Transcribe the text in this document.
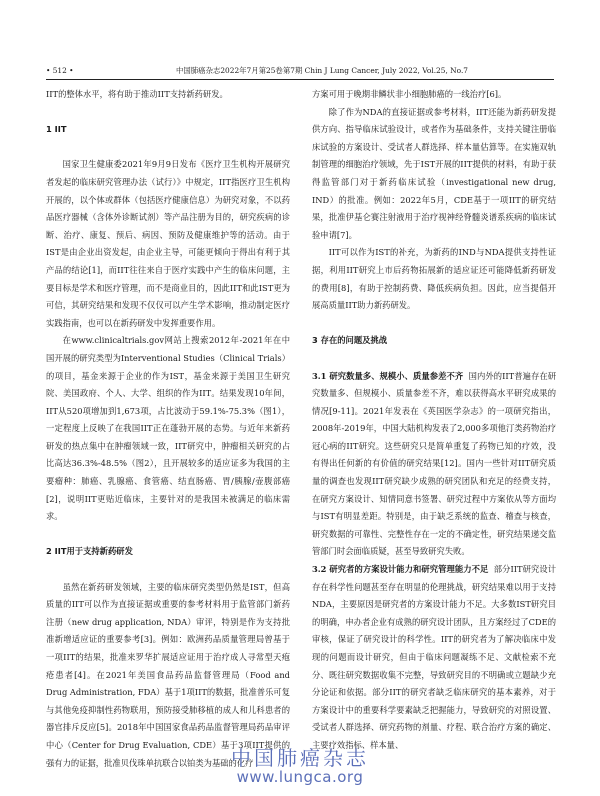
• 512 •	中国肺癌杂志2022年7月第25卷第7期 Chin J Lung Cancer, July 2022, Vol.25, No.7

IIT的整体水平，将有助于推动IIT支持新药研发。

1 IIT

国家卫生健康委2021年9月9日发布《医疗卫生机构开展研究者发起的临床研究管理办法（试行）》中规定，IIT指医疗卫生机构开展的，以个体或群体（包括医疗健康信息）为研究对象，不以药品医疗器械（含体外诊断试剂）等产品注册为目的，研究疾病的诊断、治疗、康复、预后、病因、预防及健康维护等的活动。由于IST是由企业出资发起，由企业主导，可能更倾向于得出有利于其产品的结论[1]，而IIT往往来自于医疗实践中产生的临床问题，主要目标是学术和医疗管理，而不是商业目的，因此IIT和此IST更为可信，其研究结果和发现不仅仅可以产生学术影响，推动制定医疗实践指南，也可以在新药研发中发挥重要作用。

在www.clinicaltrials.gov网站上搜索2012年-2021年在中国开展的研究类型为Interventional Studies（Clinical Trials）的项目，基金来源于企业的作为IST，基金来源于美国卫生研究院、美国政府、个人、大学、组织的作为IIT。结果发现10年间，IIT从520项增加到1,673项，占比波动于59.1%-75.3%（图1），一定程度上反映了在我国IIT正在蓬勃开展的态势。与近年来新药研发的热点集中在肿瘤领域一致，IIT研究中，肿瘤相关研究的占比高达36.3%-48.5%（图2），且开展较多的适应证多为我国的主要瘤种：肺癌、乳腺癌、食管癌、结直肠癌、胃/胰腺/壶腹部癌[2]，说明IIT更贴近临床，主要针对的是我国未被满足的临床需求。

2 IIT用于支持新药研发

虽然在新药研发领域，主要的临床研究类型仍然是IST，但高质量的IIT可以作为直接证据或重要的参考材料用于监管部门新药注册（new drug application, NDA）审评，特别是作为支持批准新增适应证的重要参考[3]。例如：欧洲药品质量管理局曾基于一项IIT的结果，批准来罗华扩展适应证用于治疗成人寻常型天疱疮患者[4]。在2021年美国食品药品监督管理局（Food and Drug Administration, FDA）基于1项IIT的数据，批准普乐可复与其他免疫抑制性药物联用，预防接受肺移植的成人和儿科患者的器官排斥反应[5]。2018年中国国家食品药品监督管理局药品审评中心（Center for Drug Evaluation, CDE）基于3项IIT提供的强有力的证据，批准贝伐珠单抗联合以铂类为基础的化疗

方案可用于晚期非鳞状非小细胞肺癌的一线治疗[6]。

除了作为NDA的直接证据或参考材料，IIT还能为新药研发提供方向、指导临床试验设计，或者作为基础条件，支持关键注册临床试验的方案设计、受试者人群选择、样本量估算等。在实施双轨制管理的细胞治疗领域，先于IST开展的IIT提供的材料，有助于获得监管部门对于新药临床试验（investigational new drug, IND）的批准。例如：2022年5月，CDE基于一项IIT的研究结果，批准伊基仑赛注射液用于治疗视神经脊髓炎谱系疾病的临床试验申请[7]。

IIT可以作为IST的补充，为新药的IND与NDA提供支持性证据，利用IIT研究上市后药物拓展新的适应证还可能降低新药研发的费用[8]，有助于控制药费、降低疾病负担。因此，应当提倡开展高质量IIT助力新药研发。

3 存在的问题及挑战

3.1 研究数量多、规模小、质量参差不齐 国内外的IIT普遍存在研究数量多、但规模小、质量参差不齐，难以获得高水平研究成果的情况[9-11]。2021年发表在《英国医学杂志》的一项研究指出，2008年-2019年，中国大陆机构发表了2,000多项他汀类药物治疗冠心病的IIT研究。这些研究只是简单重复了药物已知的疗效，没有得出任何新的有价值的研究结果[12]。国内一些针对IIT研究质量的调查也发现IIT研究缺少成熟的研究团队和充足的经费支持，在研究方案设计、知情同意书签署、研究过程中方案依从等方面均与IST有明显差距。特别是，由于缺乏系统的监查、稽查与核查，研究数据的可靠性、完整性存在一定的不确定性，研究结果递交监管部门时会面临质疑，甚至导致研究失败。

3.2 研究者的方案设计能力和研究管理能力不足 部分IIT研究设计存在科学性问题甚至存在明显的伦理挑战，研究结果难以用于支持NDA，主要原因是研究者的方案设计能力不足。大多数IST研究目的明确，申办者企业有成熟的研究设计团队，且方案经过了CDE的审核，保证了研究设计的科学性。IIT的研究者为了解决临床中发现的问题而设计研究，但由于临床问题凝练不足、文献检索不充分、既往研究数据收集不完整，导致研究目的不明确或立题缺少充分论证和依据。部分IIT的研究者缺乏临床研究的基本素养，对于方案设计中的重要科学要素缺乏把握能力，导致研究的对照设置、受试者人群选择、研究药物的剂量、疗程、联合治疗方案的确定、主要疗效指标、样本量、

中国肺癌杂志
www.lungca.org
